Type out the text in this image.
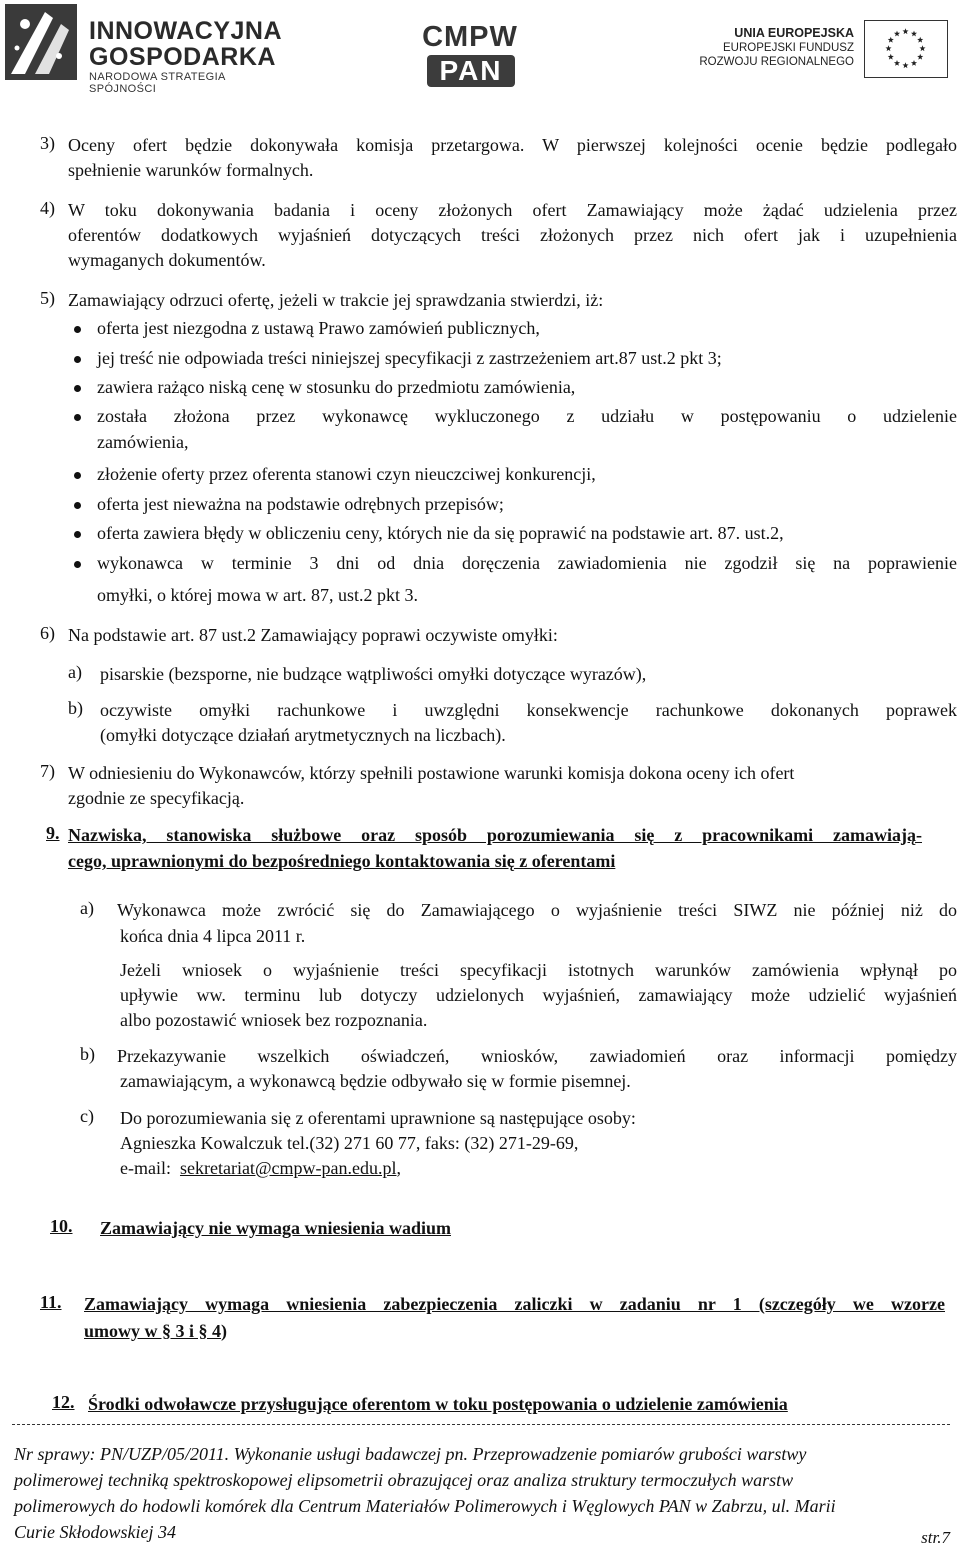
INNOWACYJNA
GOSPODARKA
NARODOWA STRATEGIA SPÓJNOŚCI
CMPW
PAN
UNIA EUROPEJSKA
EUROPEJSKI FUNDUSZ
ROZWOJU REGIONALNEGO
3) Oceny ofert będzie dokonywała komisja przetargowa. W pierwszej kolejności ocenie będzie podlegało
spełnienie warunków formalnych.
4) W toku dokonywania badania i oceny złożonych ofert Zamawiający może żądać udzielenia przez
oferentów dodatkowych wyjaśnień dotyczących treści złożonych przez nich ofert jak i uzupełnienia
wymaganych dokumentów.
5) Zamawiający odrzuci ofertę, jeżeli w trakcie jej sprawdzania stwierdzi, iż:
oferta jest niezgodna z ustawą Prawo zamówień publicznych,
jej treść nie odpowiada treści niniejszej specyfikacji z zastrzeżeniem art.87 ust.2 pkt 3;
zawiera rażąco niską cenę w stosunku do przedmiotu zamówienia,
została złożona przez wykonawcę wykluczonego z udziału w postępowaniu o udzielenie
zamówienia,
złożenie oferty przez oferenta stanowi czyn nieuczciwej konkurencji,
oferta jest nieważna na podstawie odrębnych przepisów;
oferta zawiera błędy w obliczeniu ceny, których nie da się poprawić na podstawie art. 87. ust.2,
wykonawca w terminie 3 dni od dnia doręczenia zawiadomienia nie zgodził się na poprawienie
omyłki, o której mowa w art. 87, ust.2 pkt 3.
6) Na podstawie art. 87 ust.2 Zamawiający poprawi oczywiste omyłki:
a) pisarskie (bezsporne, nie budzące wątpliwości omyłki dotyczące wyrazów),
b) oczywiste omyłki rachunkowe i uwzględni konsekwencje rachunkowe dokonanych poprawek
(omyłki dotyczące działań arytmetycznych na liczbach).
7) W odniesieniu do Wykonawców, którzy spełnili postawione warunki komisja dokona oceny ich ofert
zgodnie ze specyfikacją.
9. Nazwiska, stanowiska służbowe oraz sposób porozumiewania się z pracownikami zamawiają-
cego, uprawnionymi do bezpośredniego kontaktowania się z oferentami
a) Wykonawca może zwrócić się do Zamawiającego o wyjaśnienie treści SIWZ nie później niż do
końca dnia 4 lipca 2011 r.
Jeżeli wniosek o wyjaśnienie treści specyfikacji istotnych warunków zamówienia wpłynął po
upływie ww. terminu lub dotyczy udzielonych wyjaśnień, zamawiający może udzielić wyjaśnień
albo pozostawić wniosek bez rozpoznania.
b) Przekazywanie wszelkich oświadczeń, wniosków, zawiadomień oraz informacji pomiędzy
zamawiającym, a wykonawcą będzie odbywało się w formie pisemnej.
c) Do porozumiewania się z oferentami uprawnione są następujące osoby:
Agnieszka Kowalczuk tel.(32) 271 60 77, faks: (32) 271-29-69,
e-mail:  sekretariat@cmpw-pan.edu.pl,
10. Zamawiający nie wymaga wniesienia wadium
11. Zamawiający wymaga wniesienia zabezpieczenia zaliczki w zadaniu nr 1 (szczegóły we wzorze
umowy w § 3 i § 4)
12. Środki odwoławcze przysługujące oferentom w toku postępowania o udzielenie zamówienia
Nr sprawy: PN/UZP/05/2011. Wykonanie usługi badawczej pn. Przeprowadzenie pomiarów grubości warstwy
polimerowej techniką spektroskopowej elipsometrii obrazującej oraz analiza struktury termoczułych warstw
polimerowych do hodowli komórek dla Centrum Materiałów Polimerowych i Węglowych PAN w Zabrzu, ul. Marii
Curie Skłodowskiej 34	str.7
